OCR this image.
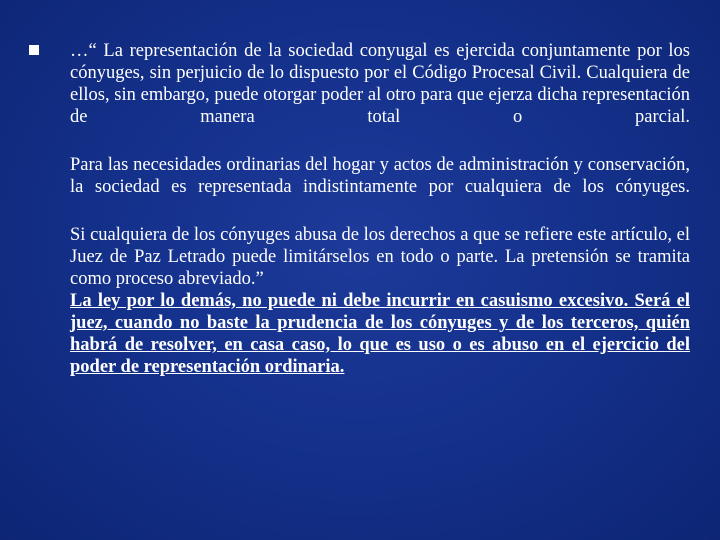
…“ La representación de la sociedad conyugal es ejercida conjuntamente por los cónyuges, sin perjuicio de lo dispuesto por el Código Procesal Civil. Cualquiera de ellos, sin embargo, puede otorgar poder al otro para que ejerza dicha representación de manera total o parcial.

Para las necesidades ordinarias del hogar y actos de administración y conservación, la sociedad es representada indistintamente por cualquiera de los cónyuges.

Si cualquiera de los cónyuges abusa de los derechos a que se refiere este artículo, el Juez de Paz Letrado puede limitárselos en todo o parte. La pretensión se tramita como proceso abreviado.”

La ley por lo demás, no puede ni debe incurrir en casuismo excesivo. Será el juez, cuando no baste la prudencia de los cónyuges y de los terceros, quién habrá de resolver, en casa caso, lo que es uso o es abuso en el ejercicio del poder de representación ordinaria.
